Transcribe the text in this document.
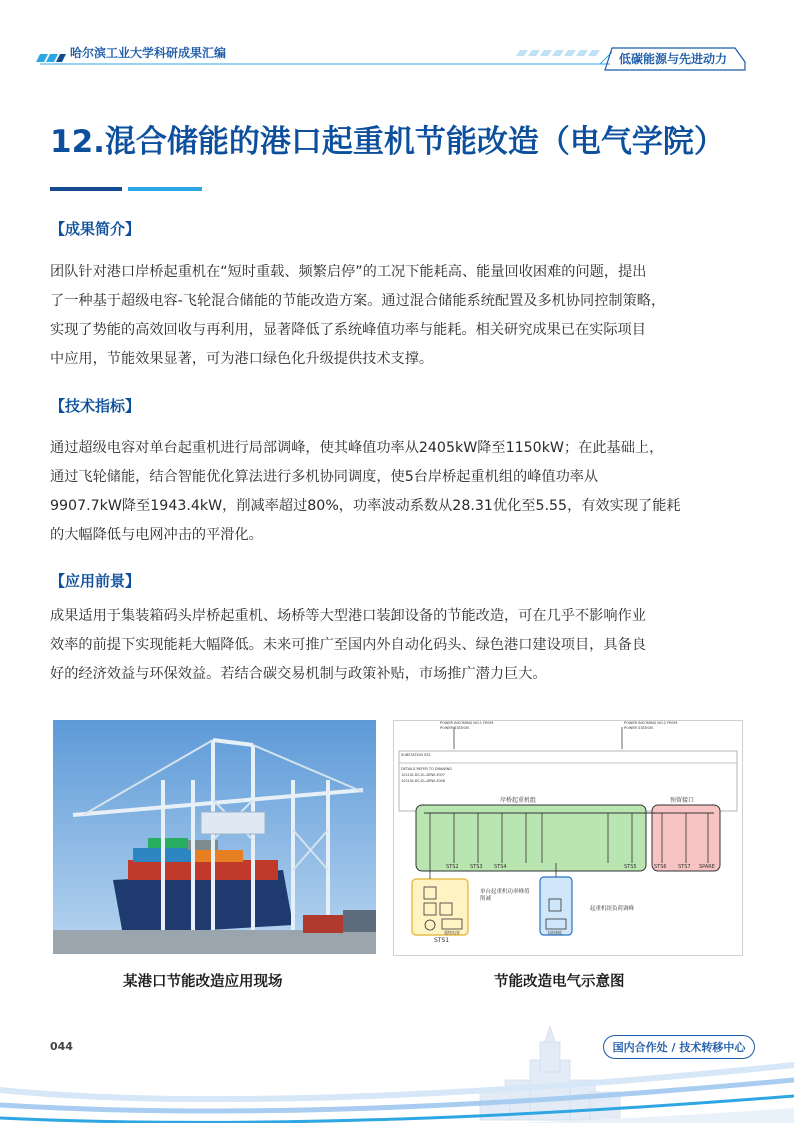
哈尔滨工业大学科研成果汇编	低碳能源与先进动力
12.混合储能的港口起重机节能改造（电气学院）
【成果简介】
团队针对港口岸桥起重机在“短时重载、频繁启停”的工况下能耗高、能量回收困难的问题，提出
了一种基于超级电容-飞轮混合储能的节能改造方案。通过混合储能系统配置及多机协同控制策略，
实现了势能的高效回收与再利用，显著降低了系统峰值功率与能耗。相关研究成果已在实际项目
中应用，节能效果显著，可为港口绿色化升级提供技术支撑。
【技术指标】
通过超级电容对单台起重机进行局部调峰，使其峰值功率从2405kW降至1150kW；在此基础上，
通过飞轮储能，结合智能优化算法进行多机协同调度，使5台岸桥起重机组的峰值功率从
9907.7kW降至1943.4kW，削减率超过80%，功率波动系数从28.31优化至5.55，有效实现了能耗
的大幅降低与电网冲击的平滑化。
【应用前景】
成果适用于集装箱码头岸桥起重机、场桥等大型港口装卸设备的节能改造，可在几乎不影响作业
效率的前提下实现能耗大幅降低。未来可推广至国内外自动化码头、绿色港口建设项目，具备良
好的经济效益与环保效益。若结合碳交易机制与政策补贴，市场推广潜力巨大。
POWER INCOMING NO.1 FROM POWER STATION
POWER INCOMING NO.2 FROM POWER STATION
SUBSTATION SS2
DETAILS REFER TO DRAWING
1021St-DC-EL-DRW-3007
1021St-DC-EL-DRW-3008
岸桥起重机组	预留接口
STS2 STS3 STS4	STS5	STS6 STS7 SPARE
STS1
单台起重机功率峰值削减
起重机组负荷调峰
飞轮储能
超级电容
某港口节能改造应用现场	节能改造电气示意图
044	国内合作处 / 技术转移中心
